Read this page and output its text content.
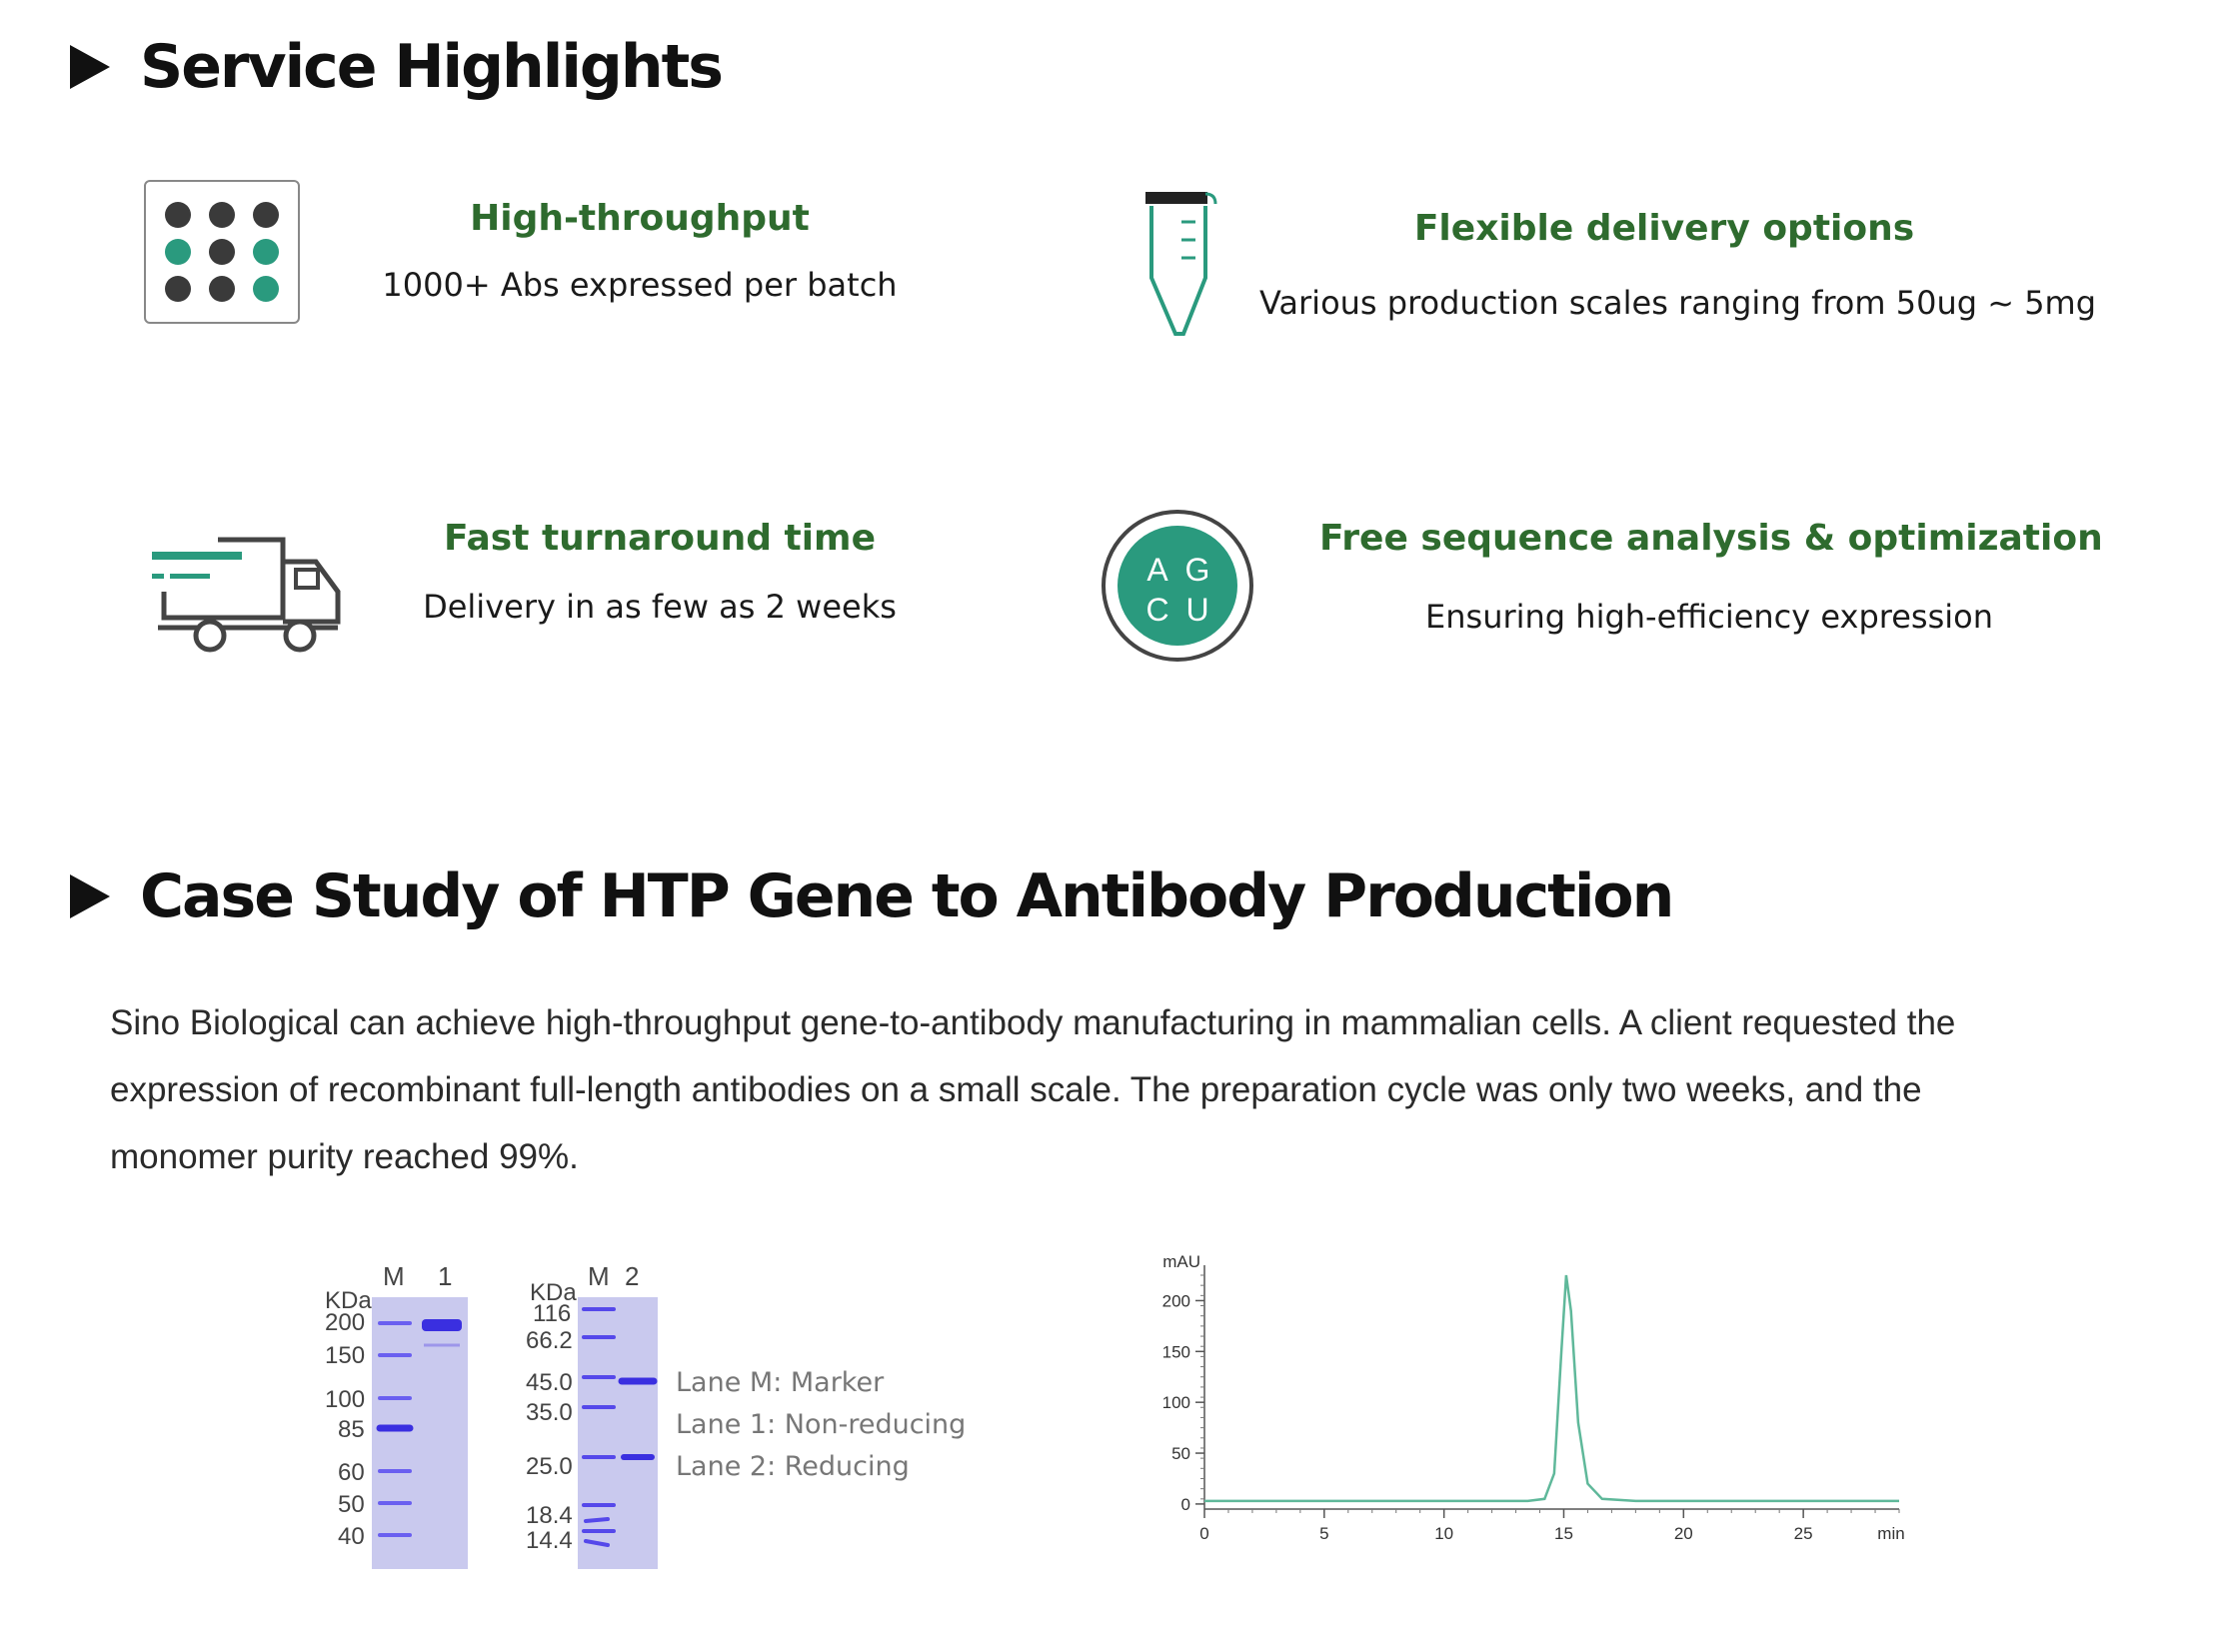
Service Highlights
High-throughput
1000+ Abs expressed per batch
Flexible delivery options
Various production scales ranging from 50ug ~ 5mg
Fast turnaround time
Delivery in as few as 2 weeks
A G
C U
Free sequence analysis & optimization
Ensuring high-efficiency expression
Case Study of HTP Gene to Antibody Production

Sino Biological can achieve high-throughput gene-to-antibody manufacturing in mammalian cells. A client requested the

expression of recombinant full-length antibodies on a small scale. The preparation cycle was only two weeks, and the

monomer purity reached 99%.

M 1
KDa
200
150
100
85
60
50
40
M 2
KDa
116
66.2
45.0
35.0
25.0
18.4
14.4
Lane M: Marker
Lane 1: Non-reducing
Lane 2: Reducing
0
50
100
150
200
0	5	10	15	20	25
mAU
min
